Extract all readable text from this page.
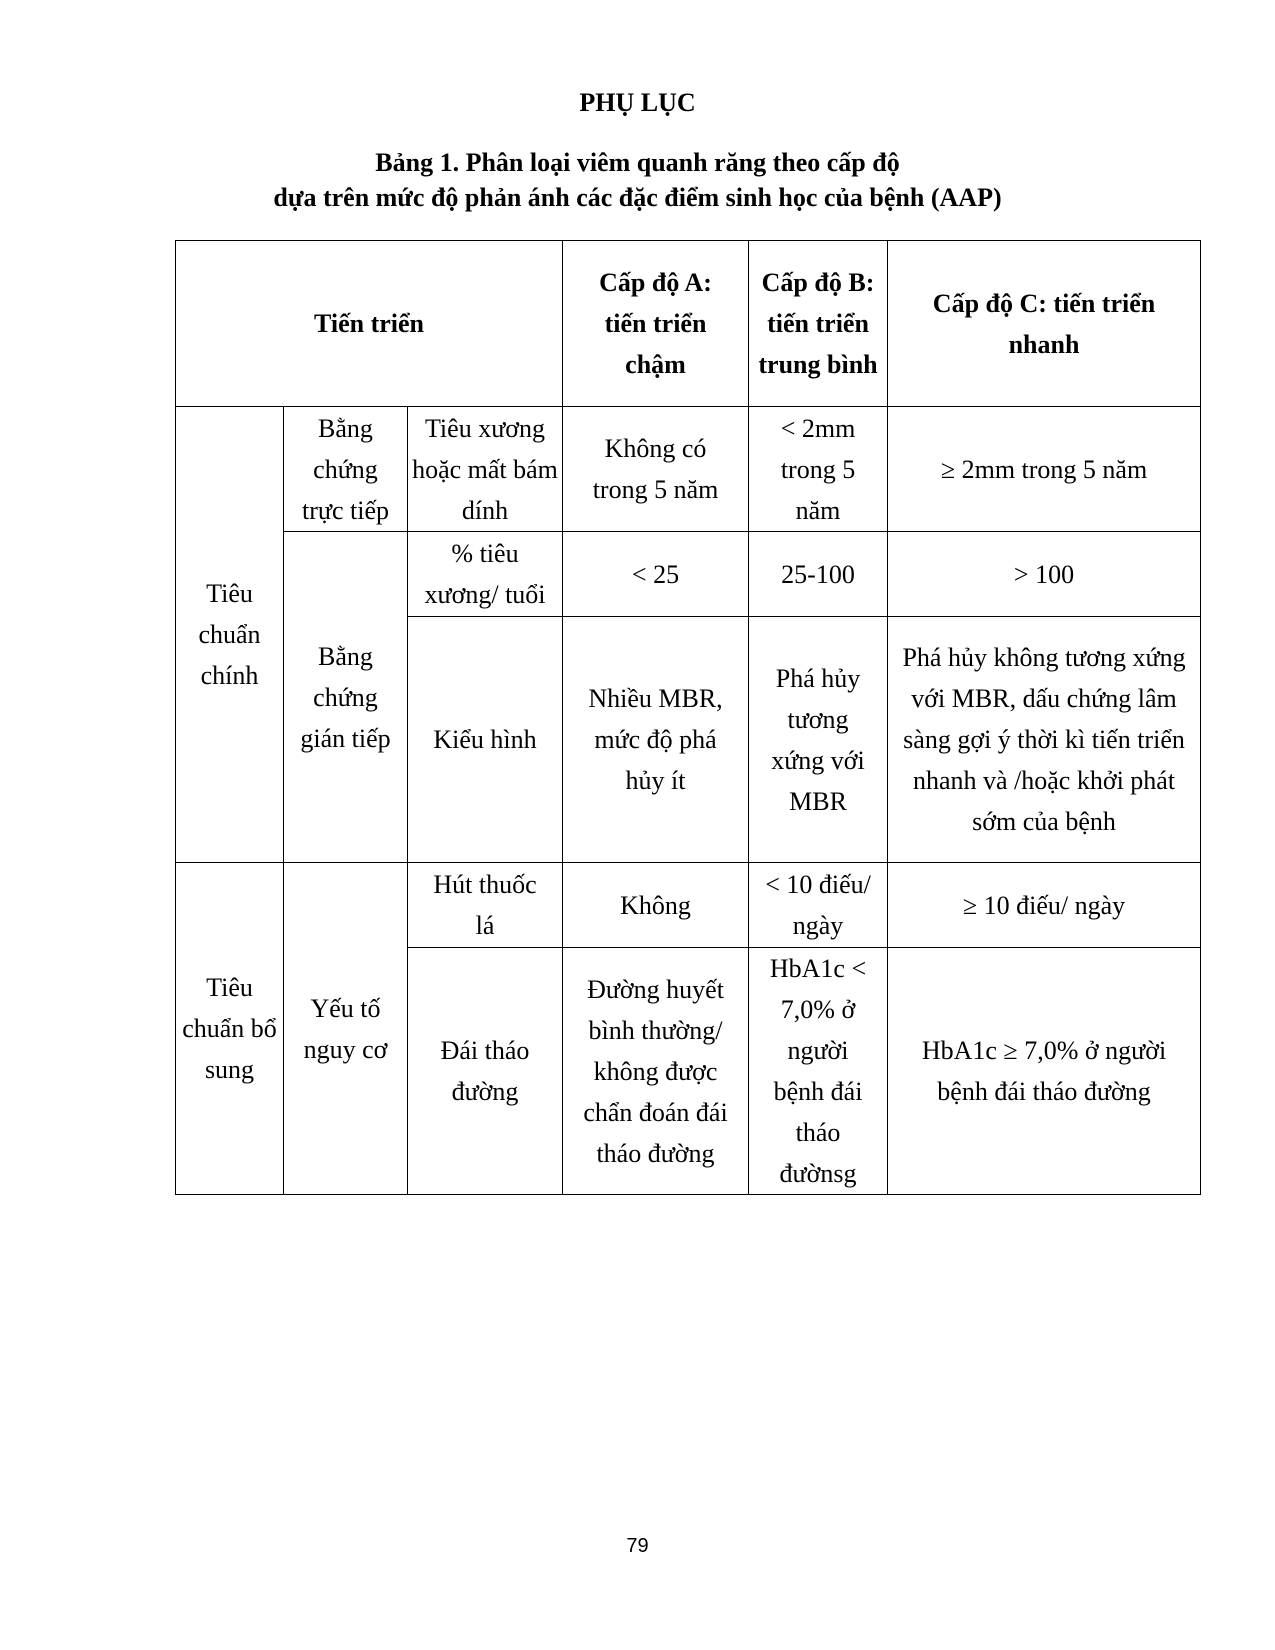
PHỤ LỤC

Bảng 1. Phân loại viêm quanh răng theo cấp độ

dựa trên mức độ phản ánh các đặc điểm sinh học của bệnh (AAP)

Tiến triển			Cấp độ A: tiến triển chậm	Cấp độ B: tiến triển trung bình	Cấp độ C: tiến triển nhanh
Tiêu chuẩn chính	Bằng chứng trực tiếp	Tiêu xương hoặc mất bám dính	Không có trong 5 năm	< 2mm trong 5 năm	≥ 2mm trong 5 năm
	Bằng chứng gián tiếp	% tiêu xương/ tuổi	< 25	25-100	> 100
		Kiểu hình	Nhiều MBR, mức độ phá hủy ít	Phá hủy tương xứng với MBR	Phá hủy không tương xứng với MBR, dấu chứng lâm sàng gợi ý thời kì tiến triển nhanh và /hoặc khởi phát sớm của bệnh
Tiêu chuẩn bổ sung	Yếu tố nguy cơ	Hút thuốc lá	Không	< 10 điếu/ ngày	≥ 10 điếu/ ngày
		Đái tháo đường	Đường huyết bình thường/ không được chẩn đoán đái tháo đường	HbA1c < 7,0% ở người bệnh đái tháo đườnsg	HbA1c ≥ 7,0% ở người bệnh đái tháo đường
79
